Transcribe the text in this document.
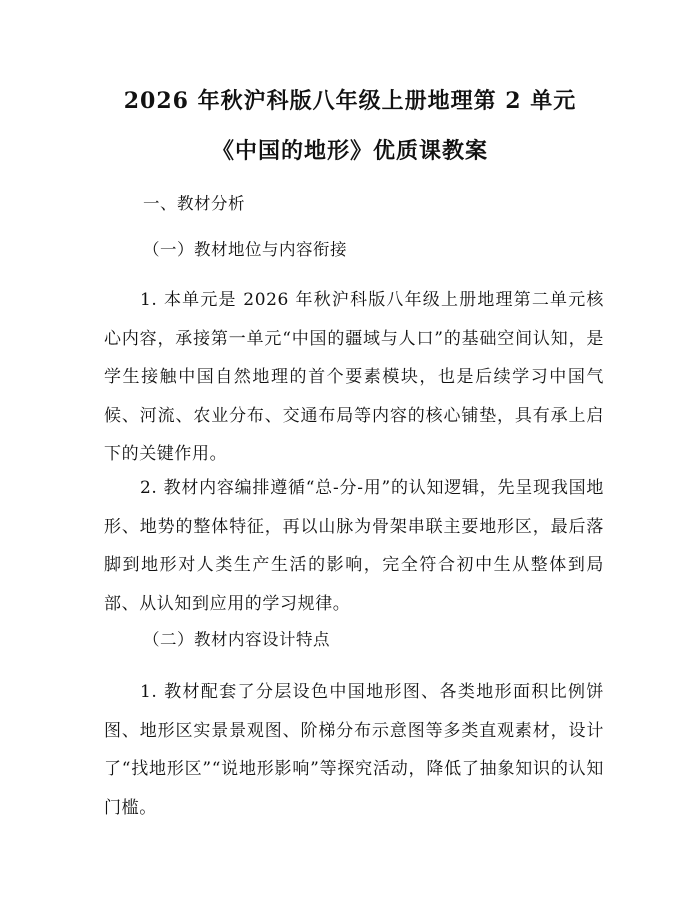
2026 年秋沪科版八年级上册地理第 2 单元
《中国的地形》优质课教案

一、教材分析

（一）教材地位与内容衔接

1. 本单元是 2026 年秋沪科版八年级上册地理第二单元核心内容，承接第一单元“中国的疆域与人口”的基础空间认知，是学生接触中国自然地理的首个要素模块，也是后续学习中国气候、河流、农业分布、交通布局等内容的核心铺垫，具有承上启下的关键作用。

2. 教材内容编排遵循“总-分-用”的认知逻辑，先呈现我国地形、地势的整体特征，再以山脉为骨架串联主要地形区，最后落脚到地形对人类生产生活的影响，完全符合初中生从整体到局部、从认知到应用的学习规律。

（二）教材内容设计特点

1. 教材配套了分层设色中国地形图、各类地形面积比例饼图、地形区实景景观图、阶梯分布示意图等多类直观素材，设计了“找地形区”“说地形影响”等探究活动，降低了抽象知识的认知门槛。
